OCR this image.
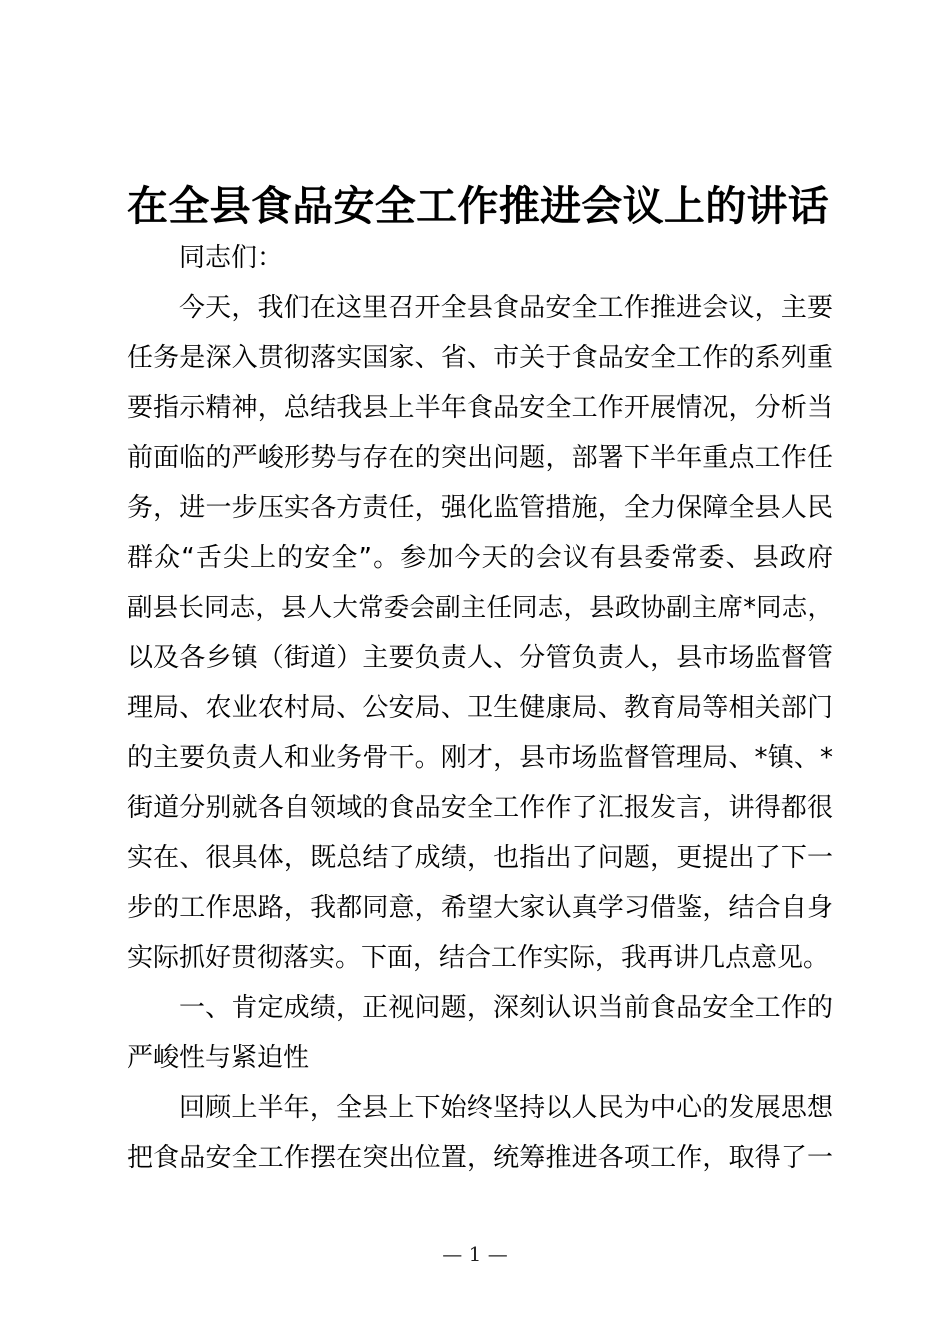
在全县食品安全工作推进会议上的讲话
同志们：
今天，我们在这里召开全县食品安全工作推进会议，主要
任务是深入贯彻落实国家、省、市关于食品安全工作的系列重
要指示精神，总结我县上半年食品安全工作开展情况，分析当
前面临的严峻形势与存在的突出问题，部署下半年重点工作任
务，进一步压实各方责任，强化监管措施，全力保障全县人民
群众“舌尖上的安全”。参加今天的会议有县委常委、县政府
副县长同志，县人大常委会副主任同志，县政协副主席*同志，
以及各乡镇（街道）主要负责人、分管负责人，县市场监督管
理局、农业农村局、公安局、卫生健康局、教育局等相关部门
的主要负责人和业务骨干。刚才，县市场监督管理局、*镇、*
街道分别就各自领域的食品安全工作作了汇报发言，讲得都很
实在、很具体，既总结了成绩，也指出了问题，更提出了下一
步的工作思路，我都同意，希望大家认真学习借鉴，结合自身
实际抓好贯彻落实。下面，结合工作实际，我再讲几点意见。
一、肯定成绩，正视问题，深刻认识当前食品安全工作的
严峻性与紧迫性
回顾上半年，全县上下始终坚持以人民为中心的发展思想
把食品安全工作摆在突出位置，统筹推进各项工作，取得了一
— 1 —
